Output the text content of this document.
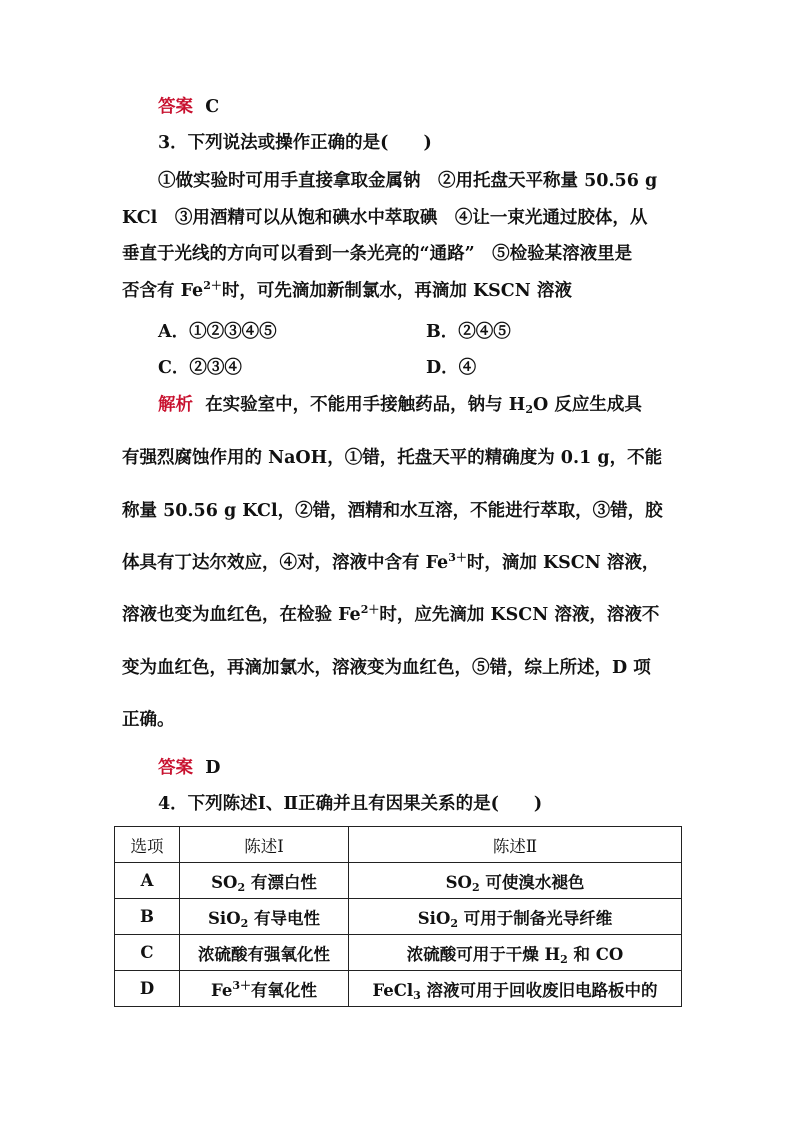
答案 C
3．下列说法或操作正确的是(　　)
①做实验时可用手直接拿取金属钠　②用托盘天平称量 50.56 g
KCl　③用酒精可以从饱和碘水中萃取碘　④让一束光通过胶体，从
垂直于光线的方向可以看到一条光亮的“通路”　⑤检验某溶液里是
否含有 $Fe^{2+}$时，可先滴加新制氯水，再滴加 KSCN 溶液
A．①②③④⑤	B．②④⑤
C．②③④	D．④
解析 在实验室中，不能用手接触药品，钠与 $H_2O$ 反应生成具
有强烈腐蚀作用的 NaOH，①错，托盘天平的精确度为 0.1 g，不能
称量 50.56 g KCl，②错，酒精和水互溶，不能进行萃取，③错，胶
体具有丁达尔效应，④对，溶液中含有 $Fe^{3+}$时，滴加 KSCN 溶液，
溶液也变为血红色，在检验 $Fe^{2+}$时，应先滴加 KSCN 溶液，溶液不
变为血红色，再滴加氯水，溶液变为血红色，⑤错，综上所述，D 项
正确。
答案 D
4．下列陈述Ⅰ、Ⅱ正确并且有因果关系的是(　　)
选项	陈述Ⅰ	陈述Ⅱ
A	$SO_2$ 有漂白性	$SO_2$ 可使溴水褪色
B	SiO$_2$ 有导电性	SiO$_2$ 可用于制备光导纤维
C	浓硫酸有强氧化性	浓硫酸可用于干燥 $H_2$ 和 CO
D	$Fe^{3+}$有氧化性	FeCl$_3$ 溶液可用于回收废旧电路板中的
